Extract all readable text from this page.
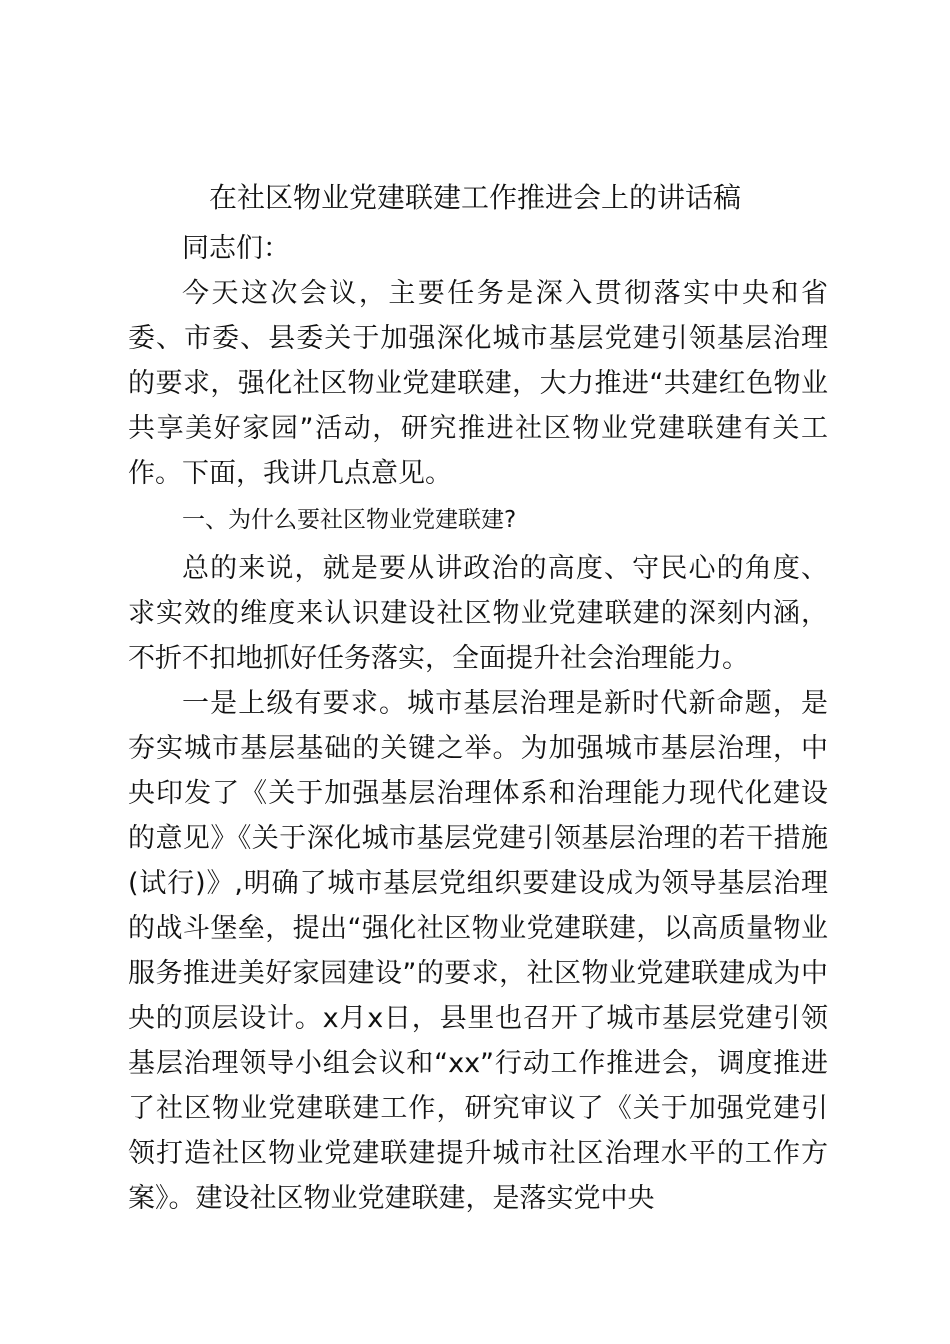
在社区物业党建联建工作推进会上的讲话稿

同志们：

今天这次会议，主要任务是深入贯彻落实中央和省委、市委、县委关于加强深化城市基层党建引领基层治理的要求，强化社区物业党建联建，大力推进“共建红色物业共享美好家园”活动，研究推进社区物业党建联建有关工作。下面，我讲几点意见。

一、为什么要社区物业党建联建?

总的来说，就是要从讲政治的高度、守民心的角度、求实效的维度来认识建设社区物业党建联建的深刻内涵，不折不扣地抓好任务落实，全面提升社会治理能力。

一是上级有要求。城市基层治理是新时代新命题，是夯实城市基层基础的关键之举。为加强城市基层治理，中央印发了《关于加强基层治理体系和治理能力现代化建设的意见》《关于深化城市基层党建引领基层治理的若干措施(试行)》,明确了城市基层党组织要建设成为领导基层治理的战斗堡垒，提出“强化社区物业党建联建，以高质量物业服务推进美好家园建设”的要求，社区物业党建联建成为中央的顶层设计。x月x日，县里也召开了城市基层党建引领基层治理领导小组会议和“xx”行动工作推进会，调度推进了社区物业党建联建工作，研究审议了《关于加强党建引领打造社区物业党建联建提升城市社区治理水平的工作方案》。建设社区物业党建联建，是落实党中央
